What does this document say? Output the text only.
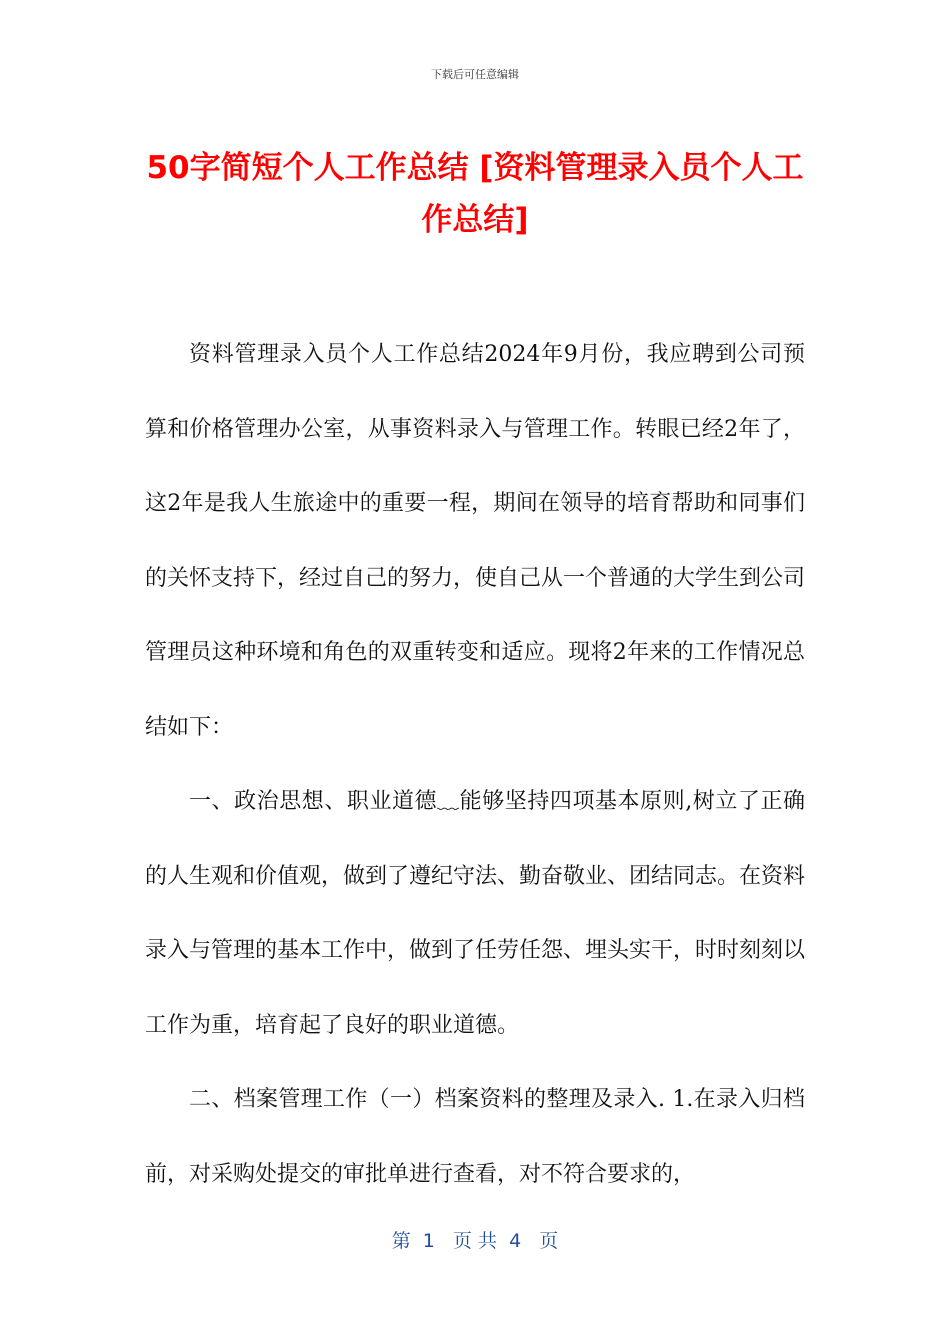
下载后可任意编辑
50字简短个人工作总结 [资料管理录入员个人工作总结]

资料管理录入员个人工作总结2024年9月份，我应聘到公司预算和价格管理办公室，从事资料录入与管理工作。转眼已经2年了，这2年是我人生旅途中的重要一程，期间在领导的培育帮助和同事们的关怀支持下，经过自己的努力，使自己从一个普通的大学生到公司管理员这种环境和角色的双重转变和适应。现将2年来的工作情况总结如下：

一、政治思想、职业道德﹏能够坚持四项基本原则,树立了正确的人生观和价值观，做到了遵纪守法、勤奋敬业、团结同志。在资料录入与管理的基本工作中，做到了任劳任怨、埋头实干，时时刻刻以工作为重，培育起了良好的职业道德。

二、档案管理工作（一）档案资料的整理及录入. 1.在录入归档前，对采购处提交的审批单进行查看，对不符合要求的，

第  1   页 共  4   页
